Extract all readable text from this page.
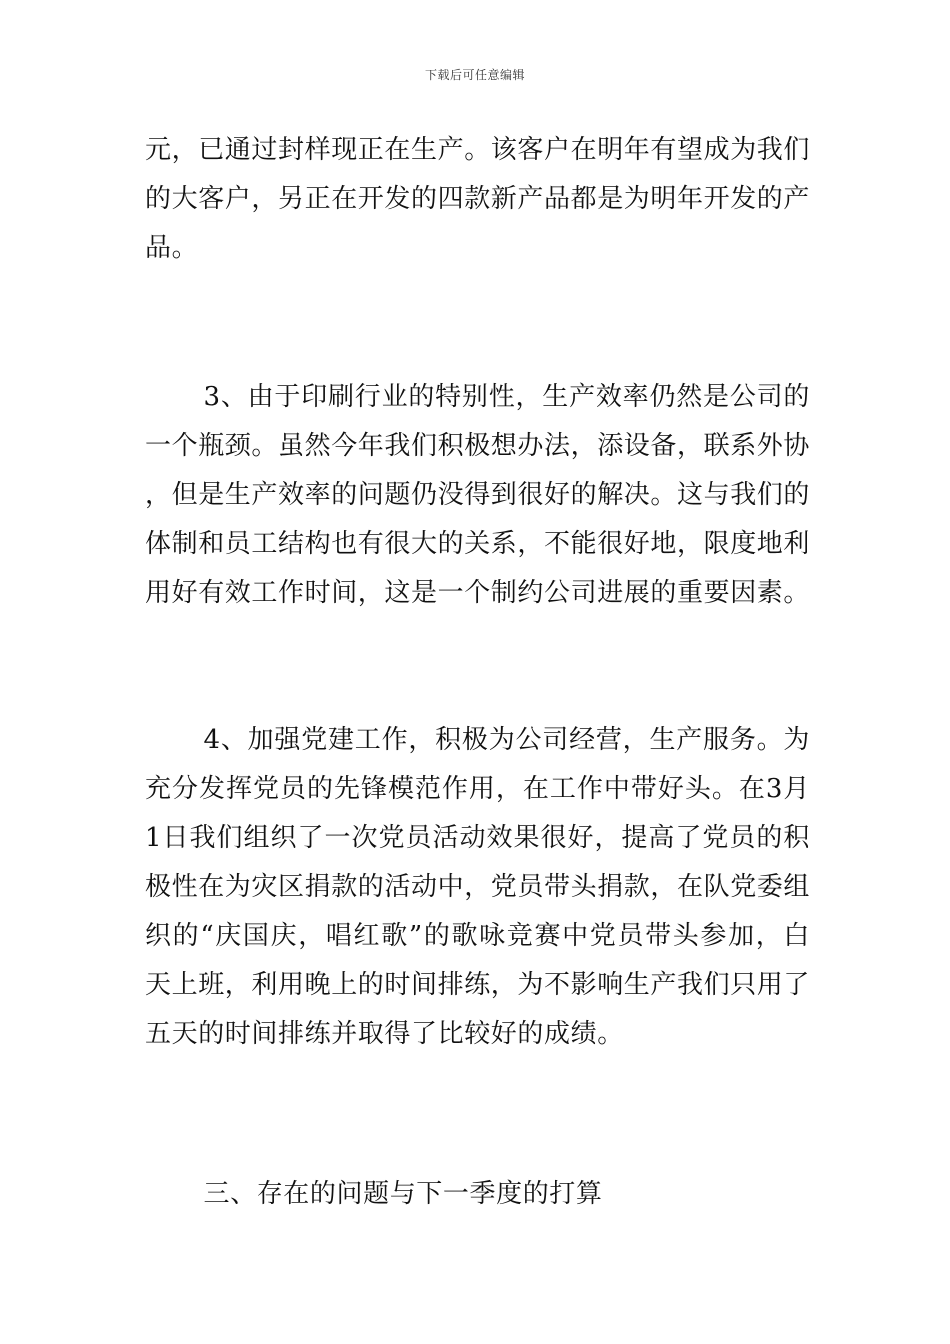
下载后可任意编辑

元，已通过封样现正在生产。该客户在明年有望成为我们的大客户，另正在开发的四款新产品都是为明年开发的产品。

3、由于印刷行业的特别性，生产效率仍然是公司的一个瓶颈。虽然今年我们积极想办法，添设备，联系外协，但是生产效率的问题仍没得到很好的解决。这与我们的体制和员工结构也有很大的关系，不能很好地，限度地利用好有效工作时间，这是一个制约公司进展的重要因素。

4、加强党建工作，积极为公司经营，生产服务。为充分发挥党员的先锋模范作用，在工作中带好头。在3月1日我们组织了一次党员活动效果很好，提高了党员的积极性在为灾区捐款的活动中，党员带头捐款，在队党委组织的“庆国庆，唱红歌”的歌咏竞赛中党员带头参加，白天上班，利用晚上的时间排练，为不影响生产我们只用了五天的时间排练并取得了比较好的成绩。

三、存在的问题与下一季度的打算
